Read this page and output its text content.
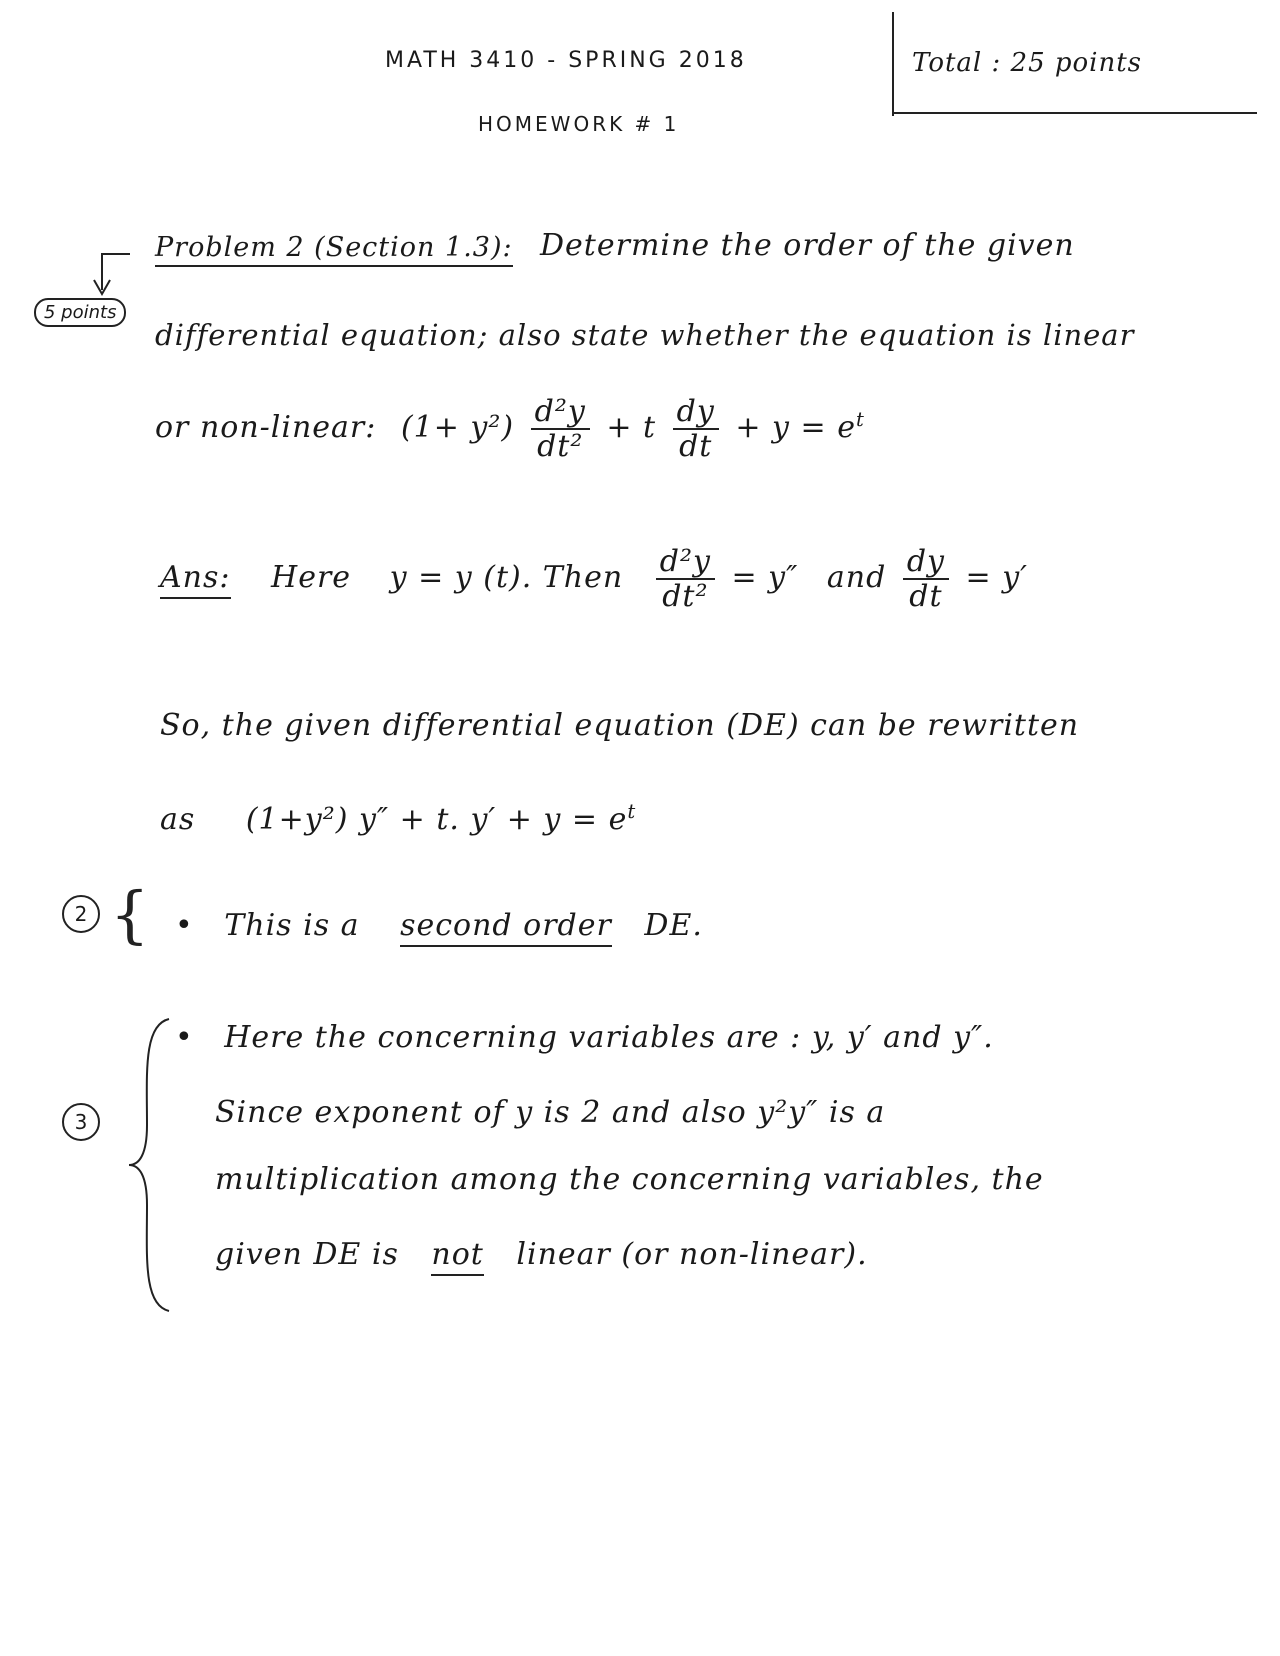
MATH 3410 - SPRING 2018
HOMEWORK # 1
Total : 25 points
5 points
Problem 2 (Section 1.3): Determine the order of the given
differential equation; also state whether the equation is linear
or non-linear: $(1+ y^2) \frac{\text{d²y}}{\text{dt²}} + t \frac{dy}{dt} + y = e^t$
Ans: Here y = y (t). Then $\frac{\text{d²y}}{\text{dt²}} = y''$ and $\frac{dy}{dt} = y'$
So, the given differential equation (DE) can be rewritten
as (1+y²) y″ + t. $y' + y = e^t$
2 { • This is a second order DE.
3
• Here the concerning variables are : y, y′ and y″.
Since exponent of y is 2 and also y²y″ is a
multiplication among the concerning variables, the
given DE is not linear (or non-linear).
